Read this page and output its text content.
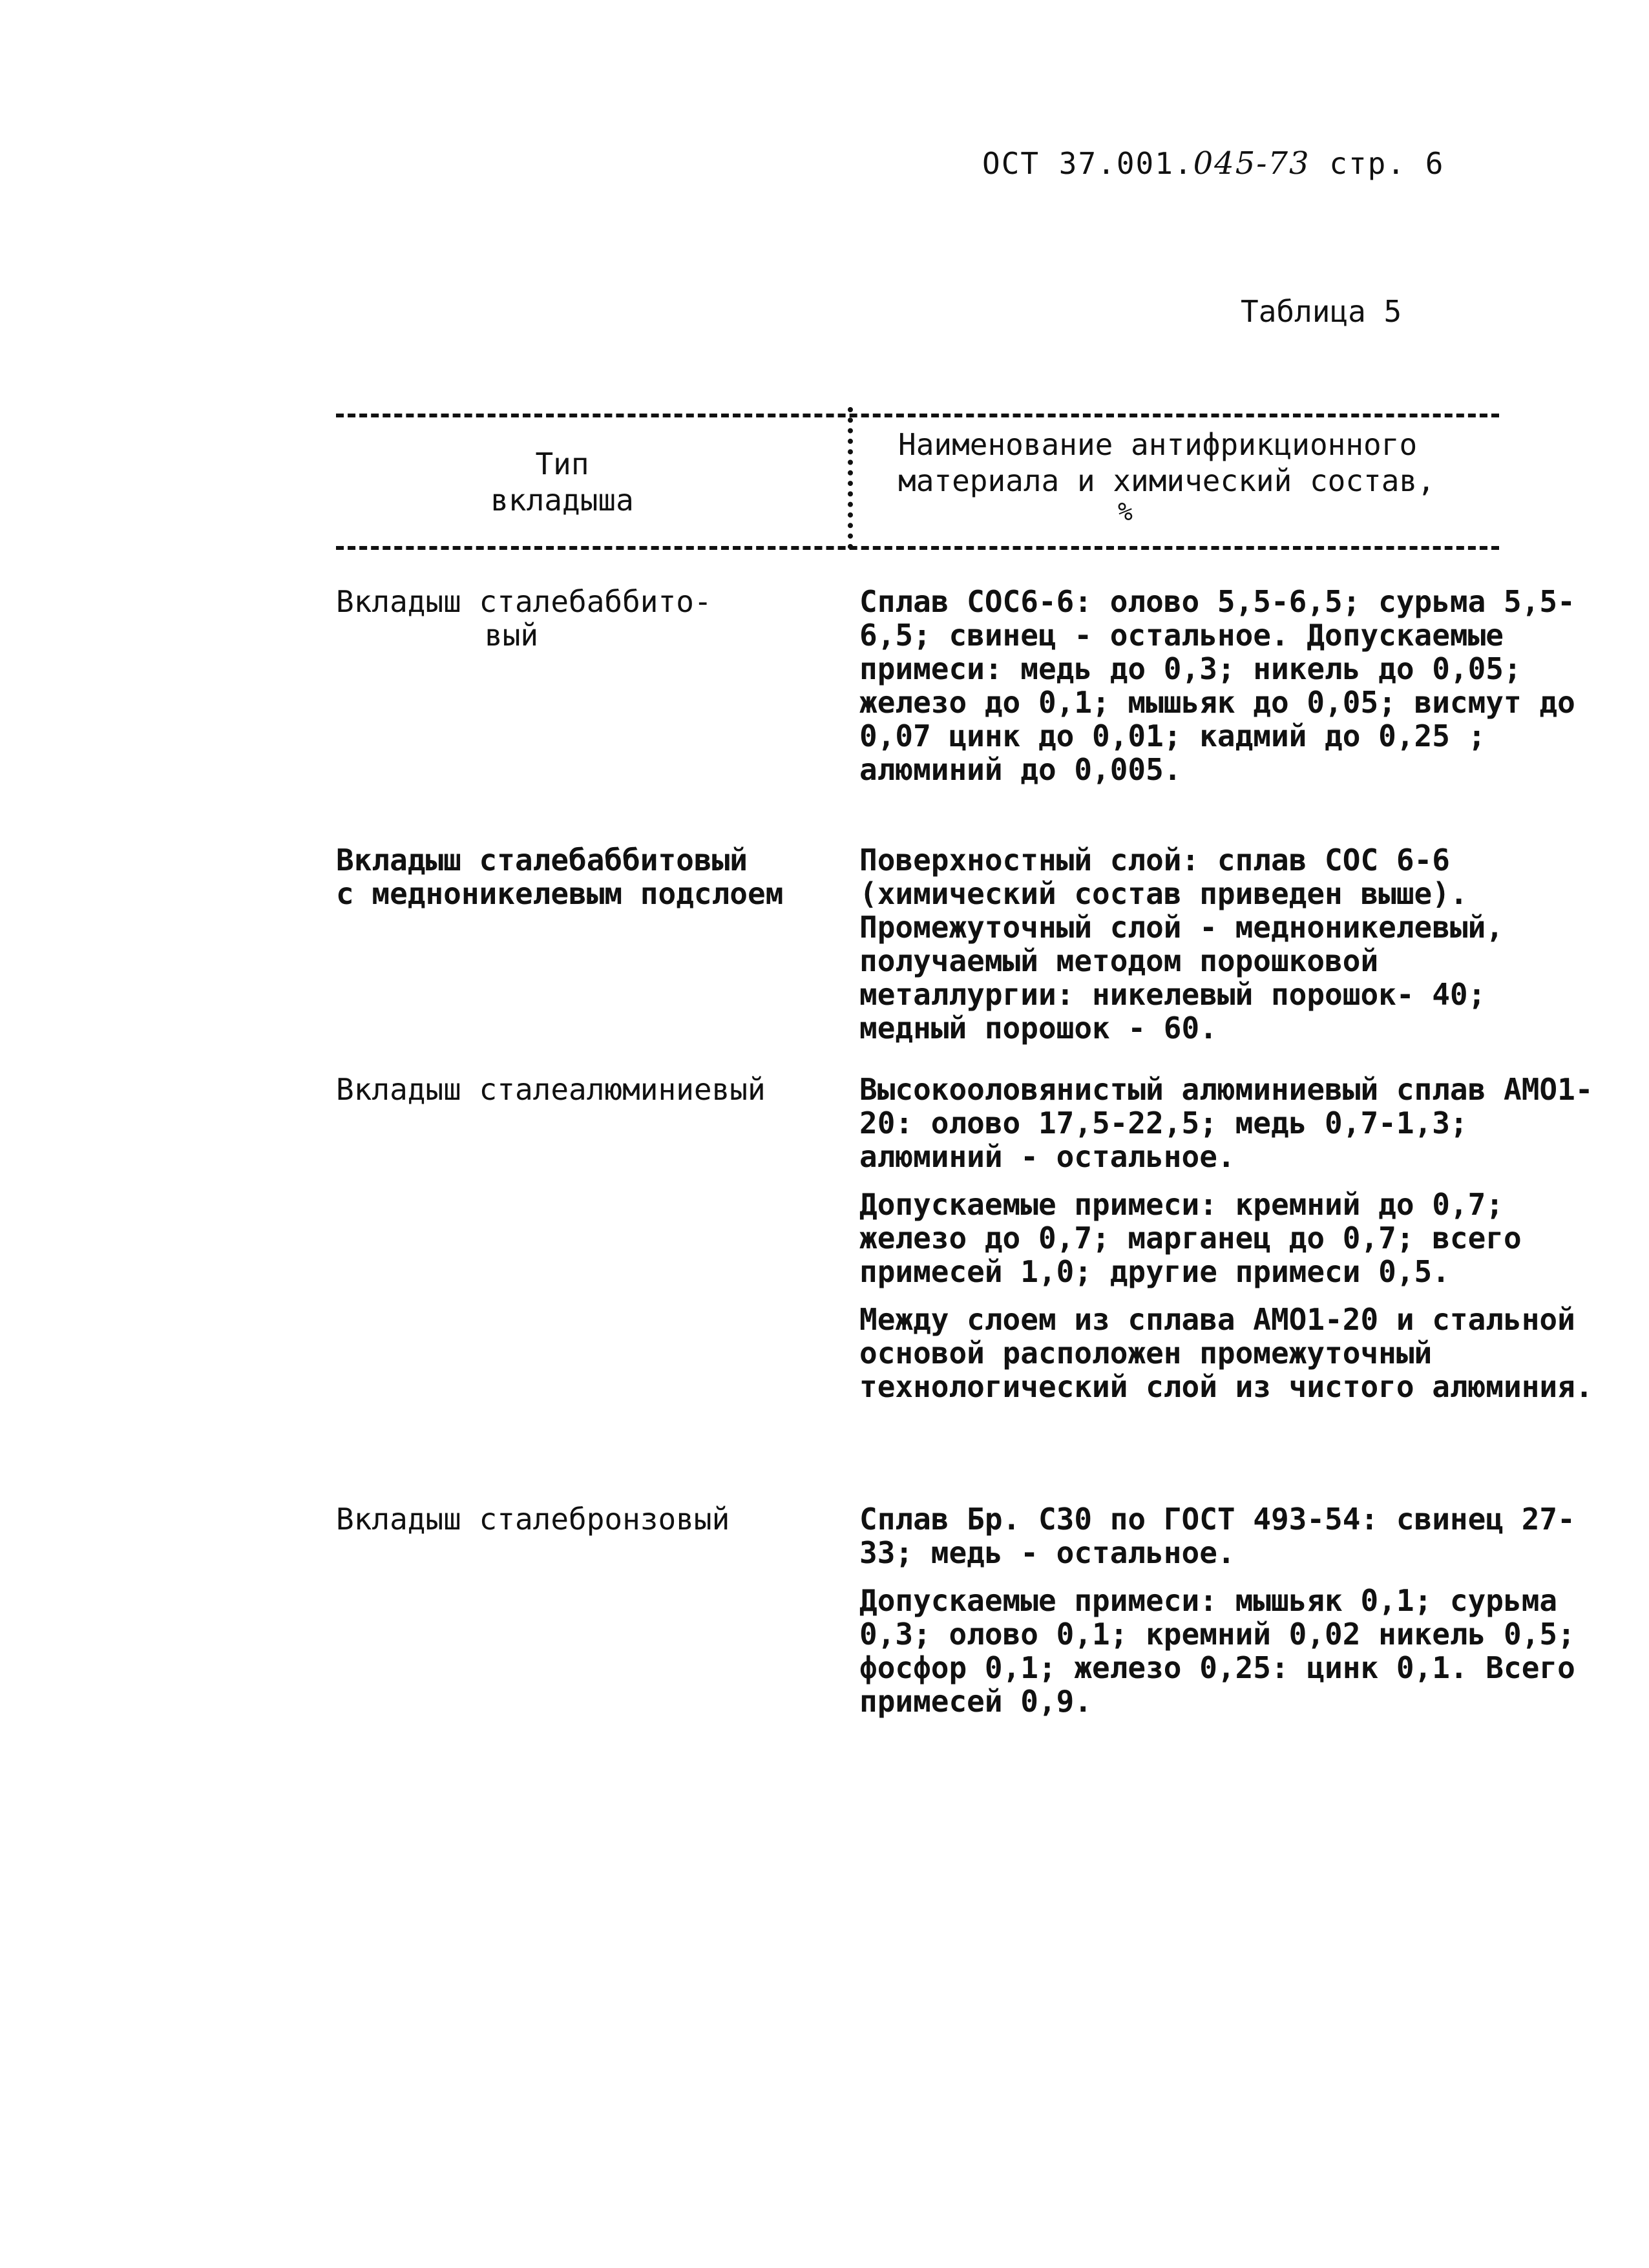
ОСТ 37.001.045-73 стр. 6
Таблица 5
Тип
вкладыша
Наименование антифрикционного
материала и химический состав,
%
Вкладыш сталебаббито-
вый

Сплав СОС6-6: олово 5,5-6,5; сурьма 5,5-6,5; свинец - остальное. Допускаемые примеси: медь до 0,3; никель до 0,05; железо до 0,1; мышьяк до 0,05; висмут до 0,07 цинк до 0,01; кадмий до 0,25 ; алюминий до 0,005.

Вкладыш сталебаббитовый
с медноникелевым подслоем

Поверхностный слой: сплав СОС 6-6 (химический состав приведен выше). Промежуточный слой - медноникелевый, получаемый методом порошковой металлургии: никелевый порошок- 40; медный порошок - 60.

Вкладыш сталеалюминиевый	Высокооловянистый алюминиевый сплав АМО1-20: олово 17,5-22,5; медь 0,7-1,3; алюминий - остальное.

Допускаемые примеси: кремний до 0,7; железо до 0,7; марганец до 0,7; всего примесей 1,0; другие примеси 0,5.

Между слоем из сплава АМО1-20 и стальной основой расположен промежуточный технологический слой из чистого алюминия.

Вкладыш сталебронзовый	Сплав Бр. С30 по ГОСТ 493-54: свинец 27-33; медь - остальное.

Допускаемые примеси: мышьяк 0,1; сурьма 0,3; олово 0,1; кремний 0,02 никель 0,5; фосфор 0,1; железо 0,25: цинк 0,1. Всего примесей 0,9.
